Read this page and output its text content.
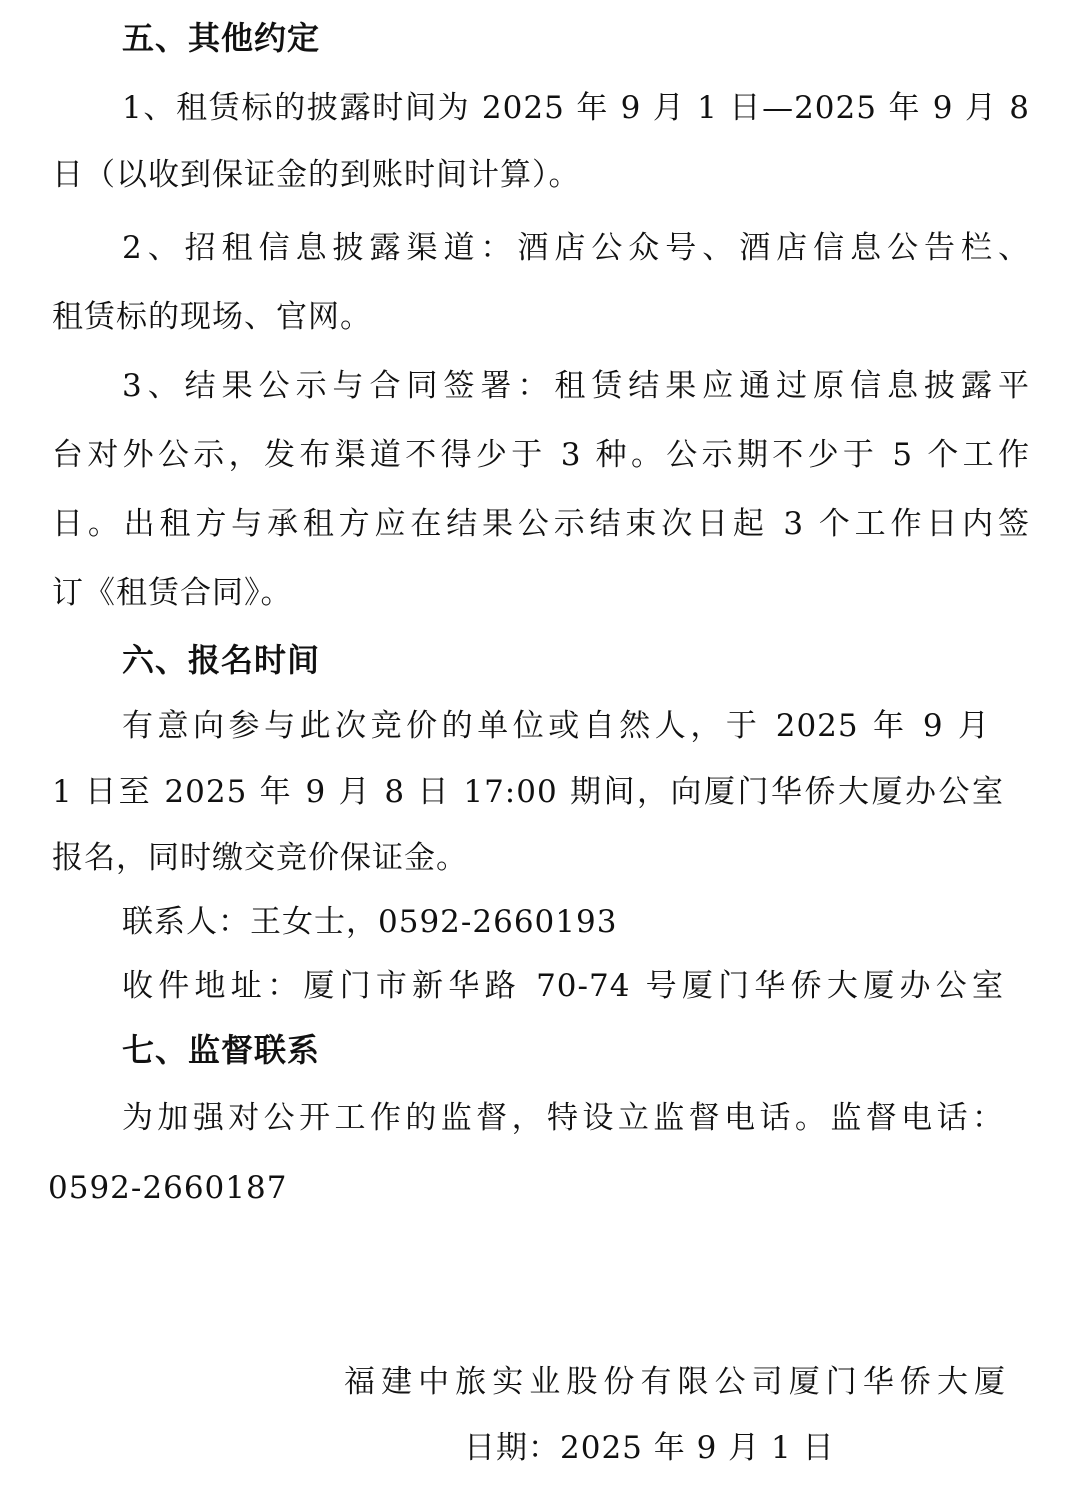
五、其他约定
1、租赁标的披露时间为 2025 年 9 月 1 日—2025 年 9 月 8
日（以收到保证金的到账时间计算）。
2、招租信息披露渠道：酒店公众号、酒店信息公告栏、
租赁标的现场、官网。
3、结果公示与合同签署：租赁结果应通过原信息披露平
台对外公示，发布渠道不得少于 3 种。公示期不少于 5 个工作
日。出租方与承租方应在结果公示结束次日起 3 个工作日内签
订《租赁合同》。
六、报名时间
有意向参与此次竞价的单位或自然人，于 2025 年 9 月
1 日至 2025 年 9 月 8 日 17:00 期间，向厦门华侨大厦办公室
报名，同时缴交竞价保证金。
联系人：王女士，0592-2660193
收件地址：厦门市新华路 70-74 号厦门华侨大厦办公室
七、监督联系
为加强对公开工作的监督，特设立监督电话。监督电话：
0592-2660187
福建中旅实业股份有限公司厦门华侨大厦
日期：2025 年 9 月 1 日
